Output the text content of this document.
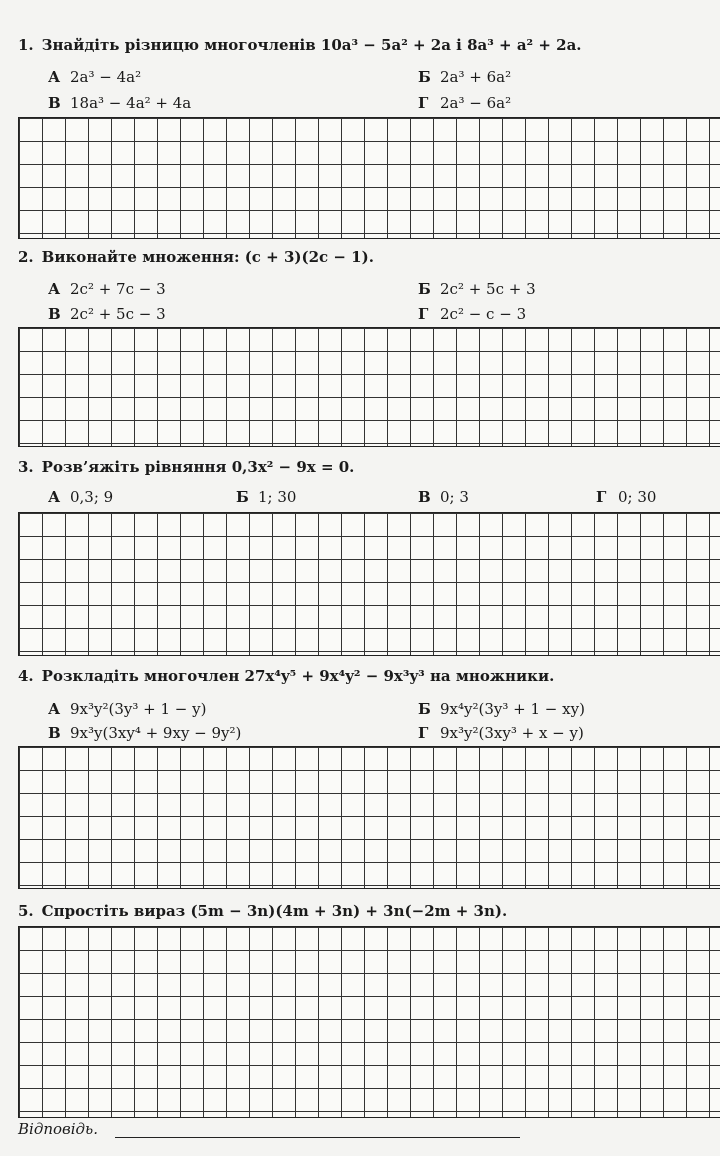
1. Знайдіть різницю многочленів 10a³ − 5a² + 2a і 8a³ + a² + 2a.
А 2a³ − 4a²	Б 2a³ + 6a²
В 18a³ − 4a² + 4a	Г 2a³ − 6a²
2. Виконайте множення: (c + 3)(2c − 1).
А 2c² + 7c − 3	Б 2c² + 5c + 3
В 2c² + 5c − 3	Г 2c² − c − 3
3. Розв’яжіть рівняння 0,3x² − 9x = 0.
А 0,3; 9	Б 1; 30	В 0; 3	Г 0; 30
4. Розкладіть многочлен 27x⁴y⁵ + 9x⁴y² − 9x³y³ на множники.
А 9x³y²(3y³ + 1 − y)	Б 9x⁴y²(3y³ + 1 − xy)
В 9x³y(3xy⁴ + 9xy − 9y²)	Г 9x³y²(3xy³ + x − y)
5. Спростіть вираз (5m − 3n)(4m + 3n) + 3n(−2m + 3n).
Відповідь.
